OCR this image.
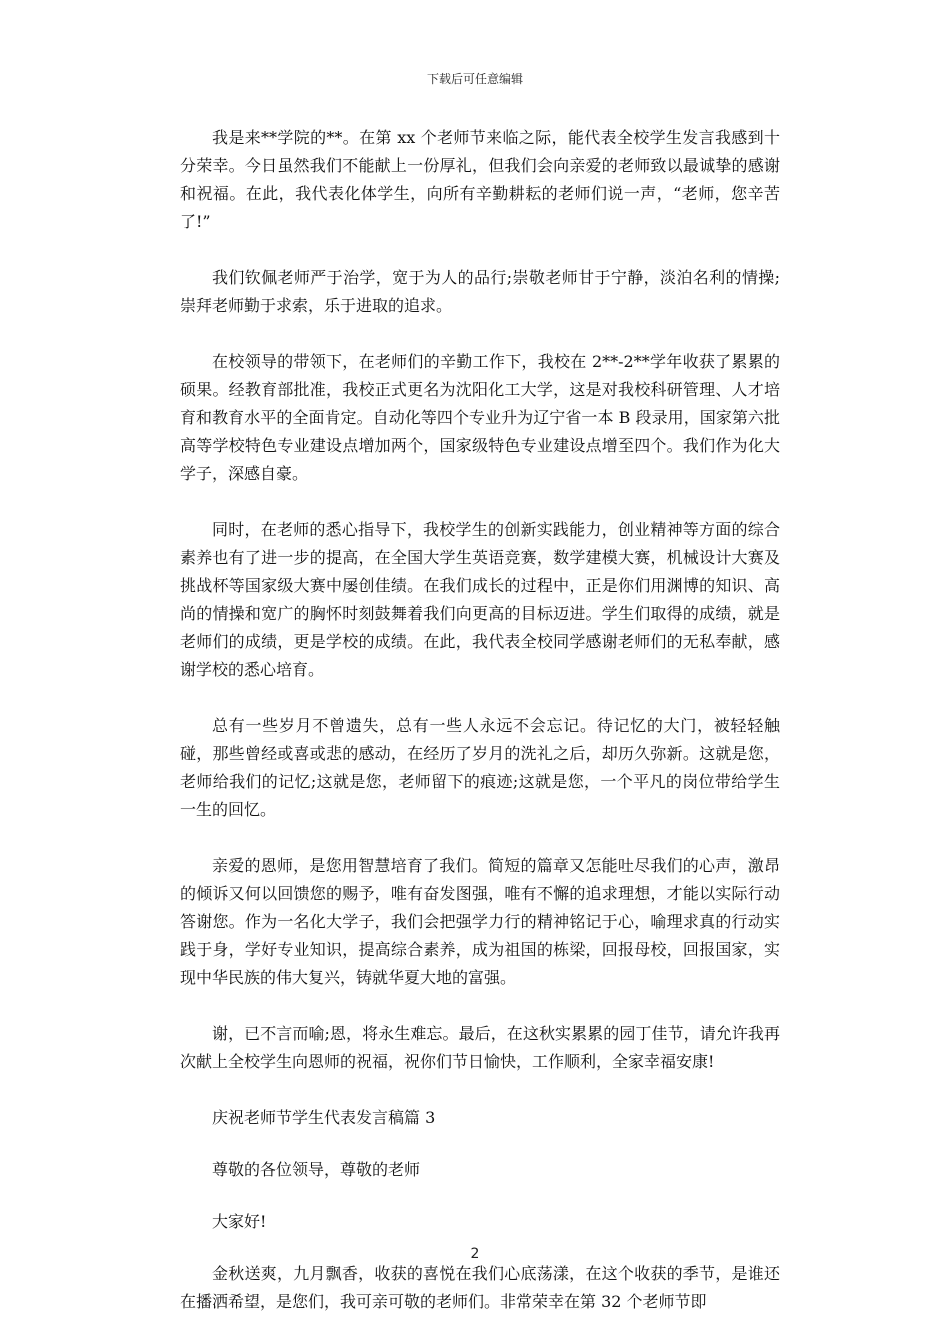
下载后可任意编辑

我是来**学院的**。在第 xx 个老师节来临之际，能代表全校学生发言我感到十分荣幸。今日虽然我们不能献上一份厚礼，但我们会向亲爱的老师致以最诚挚的感谢和祝福。在此，我代表化体学生，向所有辛勤耕耘的老师们说一声，“老师，您辛苦了!”

我们钦佩老师严于治学，宽于为人的品行;崇敬老师甘于宁静，淡泊名利的情操;崇拜老师勤于求索，乐于进取的追求。

在校领导的带领下，在老师们的辛勤工作下，我校在 2**-2**学年收获了累累的硕果。经教育部批准，我校正式更名为沈阳化工大学，这是对我校科研管理、人才培育和教育水平的全面肯定。自动化等四个专业升为辽宁省一本 B 段录用，国家第六批高等学校特色专业建设点增加两个，国家级特色专业建设点增至四个。我们作为化大学子，深感自豪。

同时，在老师的悉心指导下，我校学生的创新实践能力，创业精神等方面的综合素养也有了进一步的提高，在全国大学生英语竞赛，数学建模大赛，机械设计大赛及挑战杯等国家级大赛中屡创佳绩。在我们成长的过程中，正是你们用渊博的知识、高尚的情操和宽广的胸怀时刻鼓舞着我们向更高的目标迈进。学生们取得的成绩，就是老师们的成绩，更是学校的成绩。在此，我代表全校同学感谢老师们的无私奉献，感谢学校的悉心培育。

总有一些岁月不曾遗失，总有一些人永远不会忘记。待记忆的大门，被轻轻触碰，那些曾经或喜或悲的感动，在经历了岁月的洗礼之后，却历久弥新。这就是您，老师给我们的记忆;这就是您，老师留下的痕迹;这就是您，一个平凡的岗位带给学生一生的回忆。

亲爱的恩师，是您用智慧培育了我们。简短的篇章又怎能吐尽我们的心声，激昂的倾诉又何以回馈您的赐予，唯有奋发图强，唯有不懈的追求理想，才能以实际行动答谢您。作为一名化大学子，我们会把强学力行的精神铭记于心，喻理求真的行动实践于身，学好专业知识，提高综合素养，成为祖国的栋梁，回报母校，回报国家，实现中华民族的伟大复兴，铸就华夏大地的富强。

谢，已不言而喻;恩，将永生难忘。最后，在这秋实累累的园丁佳节，请允许我再次献上全校学生向恩师的祝福，祝你们节日愉快，工作顺利，全家幸福安康!

庆祝老师节学生代表发言稿篇 3

尊敬的各位领导，尊敬的老师

大家好!

金秋送爽，九月飘香，收获的喜悦在我们心底荡漾，在这个收获的季节，是谁还在播洒希望，是您们，我可亲可敬的老师们。非常荣幸在第 32 个老师节即

2
